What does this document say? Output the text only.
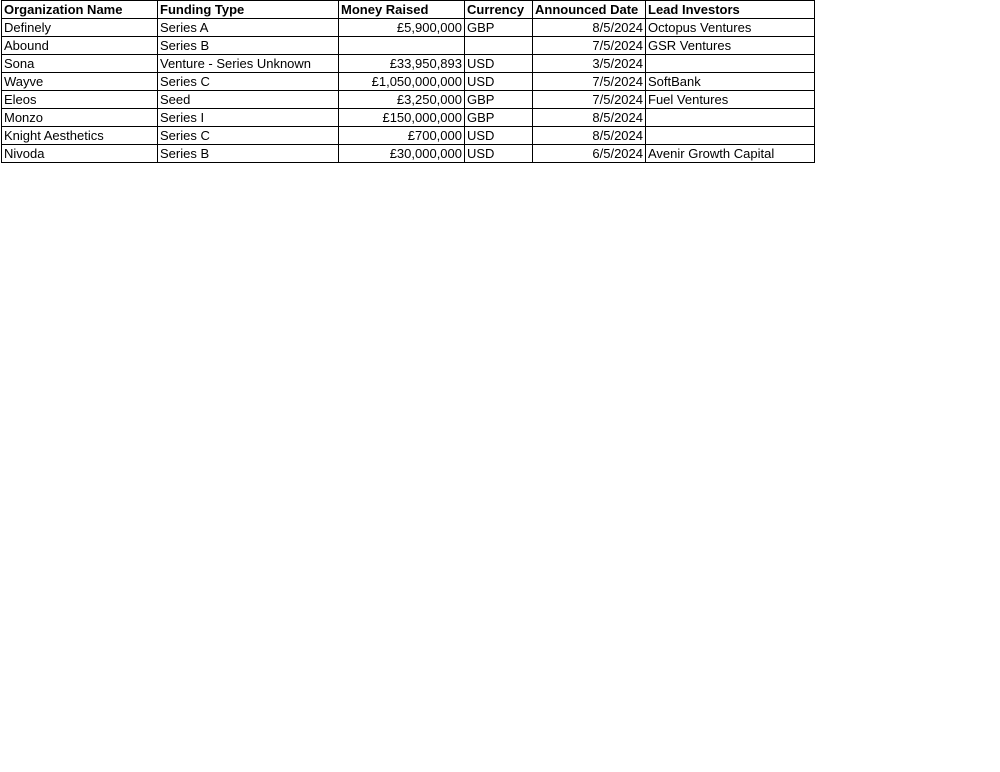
Organization Name	Funding Type	Money Raised	Currency	Announced Date	Lead Investors
Definely	Series A	£5,900,000	GBP	8/5/2024	Octopus Ventures
Abound	Series B			7/5/2024	GSR Ventures
Sona	Venture - Series Unknown	£33,950,893	USD	3/5/2024	
Wayve	Series C	£1,050,000,000	USD	7/5/2024	SoftBank
Eleos	Seed	£3,250,000	GBP	7/5/2024	Fuel Ventures
Monzo	Series I	£150,000,000	GBP	8/5/2024	
Knight Aesthetics	Series C	£700,000	USD	8/5/2024	
Nivoda	Series B	£30,000,000	USD	6/5/2024	Avenir Growth Capital
